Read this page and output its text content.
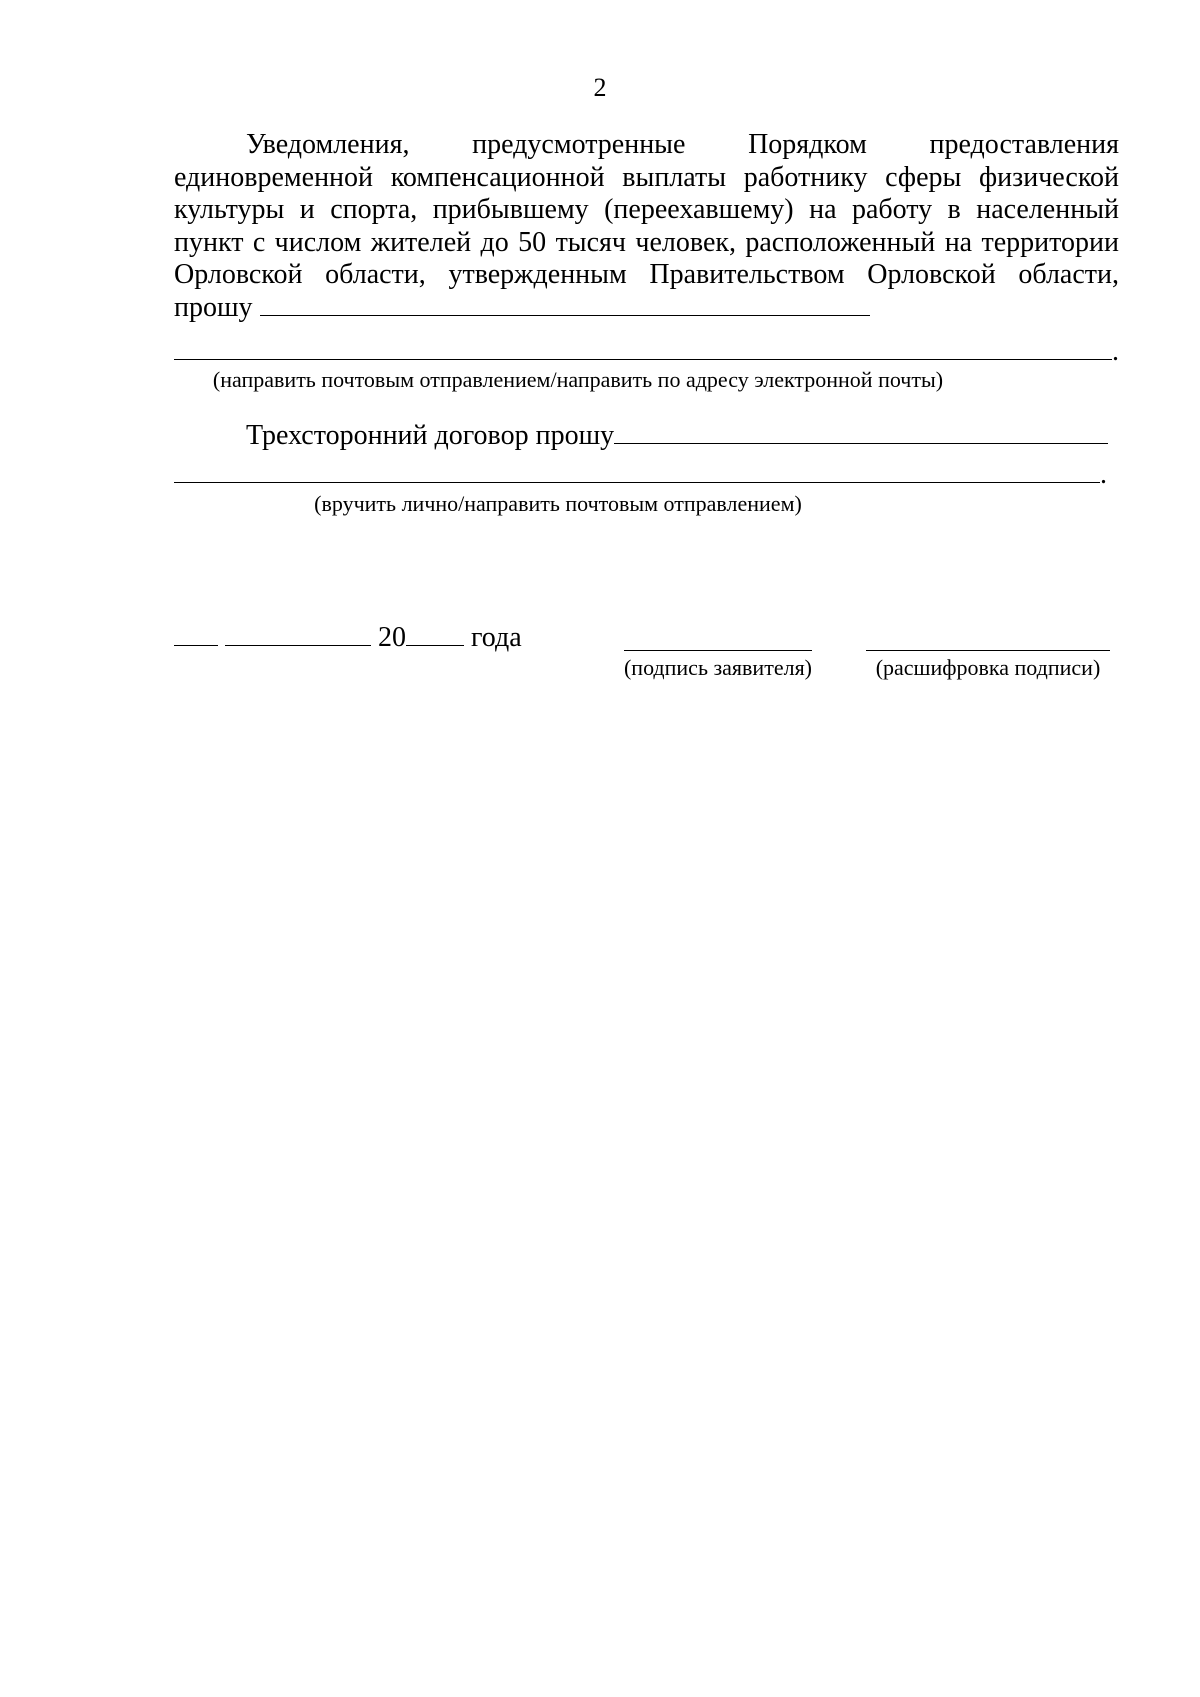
2

Уведомления, предусмотренные Порядком предоставления единовременной компенсационной выплаты работнику сферы физической культуры и спорта, прибывшему (переехавшему) на работу в населенный пункт с числом жителей до 50 тысяч человек, расположенный на территории Орловской области, утвержденным Правительством Орловской области, прошу

.
(направить почтовым отправлением/направить по адресу электронной почты)
Трехсторонний договор прошу
.
(вручить лично/направить почтовым отправлением)
20 года
(подпись заявителя)	(расшифровка подписи)
